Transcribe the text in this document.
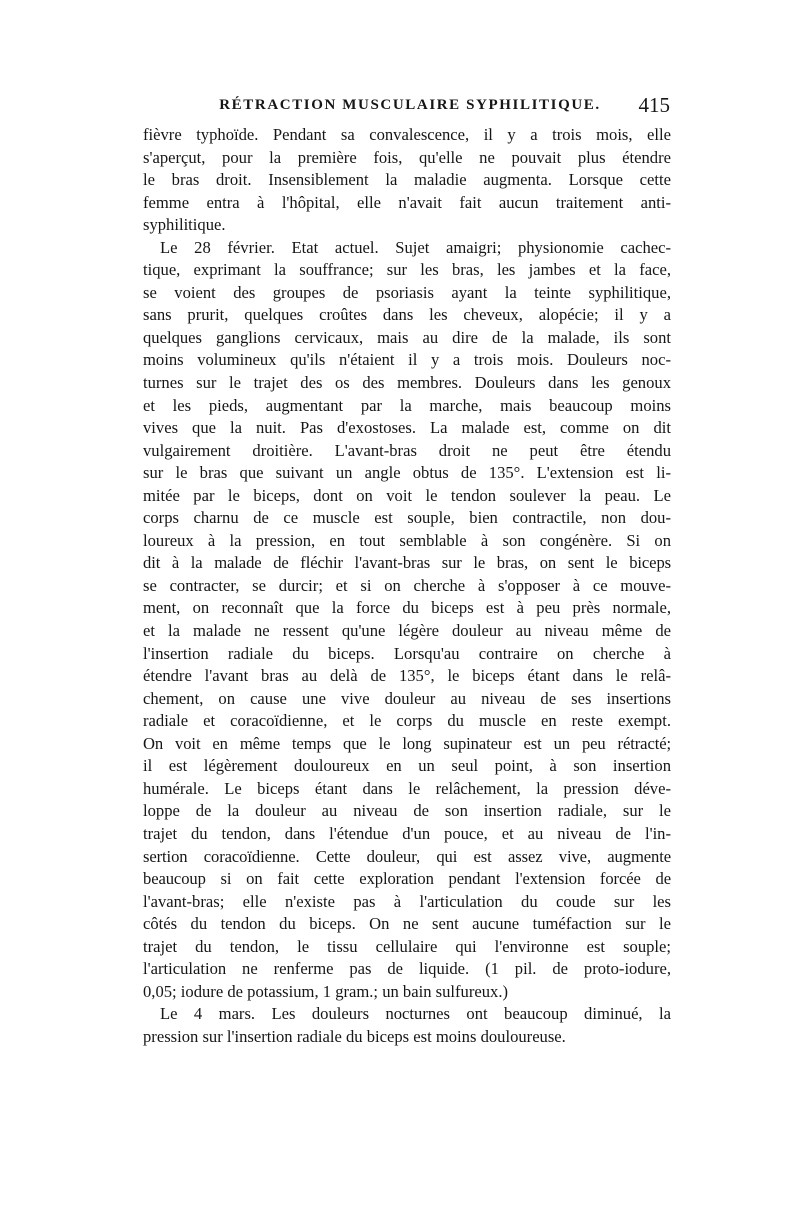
RÉTRACTION MUSCULAIRE SYPHILITIQUE.	415
fièvre typhoïde. Pendant sa convalescence, il y a trois mois, elle
s'aperçut, pour la première fois, qu'elle ne pouvait plus étendre
le bras droit. Insensiblement la maladie augmenta. Lorsque cette
femme entra à l'hôpital, elle n'avait fait aucun traitement anti-
syphilitique.
Le 28 février. Etat actuel. Sujet amaigri; physionomie cachec-
tique, exprimant la souffrance; sur les bras, les jambes et la face,
se voient des groupes de psoriasis ayant la teinte syphilitique,
sans prurit, quelques croûtes dans les cheveux, alopécie; il y a
quelques ganglions cervicaux, mais au dire de la malade, ils sont
moins volumineux qu'ils n'étaient il y a trois mois. Douleurs noc-
turnes sur le trajet des os des membres. Douleurs dans les genoux
et les pieds, augmentant par la marche, mais beaucoup moins
vives que la nuit. Pas d'exostoses. La malade est, comme on dit
vulgairement droitière. L'avant-bras droit ne peut être étendu
sur le bras que suivant un angle obtus de 135°. L'extension est li-
mitée par le biceps, dont on voit le tendon soulever la peau. Le
corps charnu de ce muscle est souple, bien contractile, non dou-
loureux à la pression, en tout semblable à son congénère. Si on
dit à la malade de fléchir l'avant-bras sur le bras, on sent le biceps
se contracter, se durcir; et si on cherche à s'opposer à ce mouve-
ment, on reconnaît que la force du biceps est à peu près normale,
et la malade ne ressent qu'une légère douleur au niveau même de
l'insertion radiale du biceps. Lorsqu'au contraire on cherche à
étendre l'avant bras au delà de 135°, le biceps étant dans le relâ-
chement, on cause une vive douleur au niveau de ses insertions
radiale et coracoïdienne, et le corps du muscle en reste exempt.
On voit en même temps que le long supinateur est un peu rétracté;
il est légèrement douloureux en un seul point, à son insertion
humérale. Le biceps étant dans le relâchement, la pression déve-
loppe de la douleur au niveau de son insertion radiale, sur le
trajet du tendon, dans l'étendue d'un pouce, et au niveau de l'in-
sertion coracoïdienne. Cette douleur, qui est assez vive, augmente
beaucoup si on fait cette exploration pendant l'extension forcée de
l'avant-bras; elle n'existe pas à l'articulation du coude sur les
côtés du tendon du biceps. On ne sent aucune tuméfaction sur le
trajet du tendon, le tissu cellulaire qui l'environne est souple;
l'articulation ne renferme pas de liquide. (1 pil. de proto-iodure,
0,05; iodure de potassium, 1 gram.; un bain sulfureux.)
Le 4 mars. Les douleurs nocturnes ont beaucoup diminué, la
pression sur l'insertion radiale du biceps est moins douloureuse.
